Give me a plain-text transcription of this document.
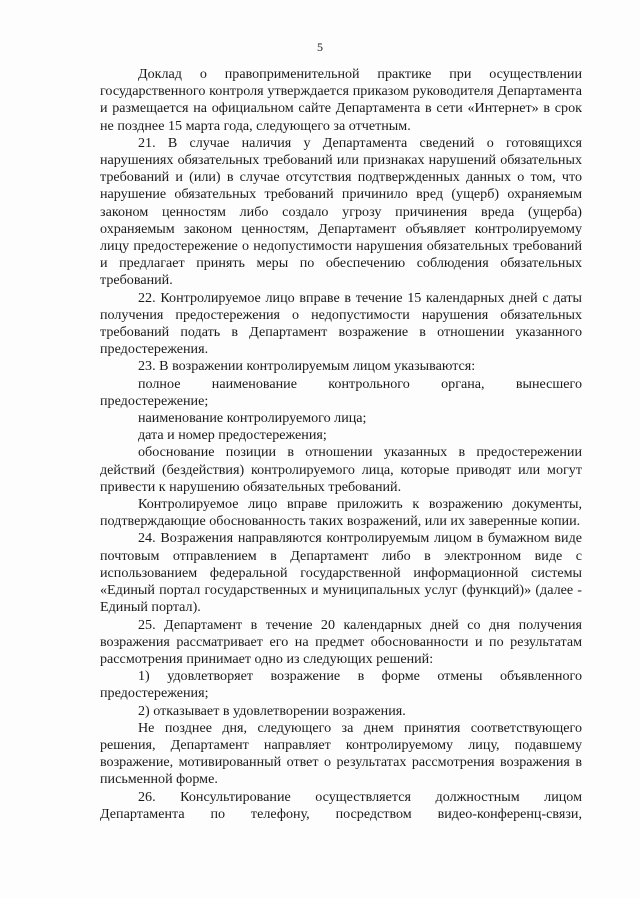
5

Доклад о правоприменительной практике при осуществлении государственного контроля утверждается приказом руководителя Департамента и размещается на официальном сайте Департамента в сети «Интернет» в срок не позднее 15 марта года, следующего за отчетным.

21. В случае наличия у Департамента сведений о готовящихся нарушениях обязательных требований или признаках нарушений обязательных требований и (или) в случае отсутствия подтвержденных данных о том, что нарушение обязательных требований причинило вред (ущерб) охраняемым законом ценностям либо создало угрозу причинения вреда (ущерба) охраняемым законом ценностям, Департамент объявляет контролируемому лицу предостережение о недопустимости нарушения обязательных требований и предлагает принять меры по обеспечению соблюдения обязательных требований.

22. Контролируемое лицо вправе в течение 15 календарных дней с даты получения предостережения о недопустимости нарушения обязательных требований подать в Департамент возражение в отношении указанного предостережения.

23. В возражении контролируемым лицом указываются:

полное наименование контрольного органа, вынесшего предостережение;

наименование контролируемого лица;

дата и номер предостережения;

обоснование позиции в отношении указанных в предостережении действий (бездействия) контролируемого лица, которые приводят или могут привести к нарушению обязательных требований.

Контролируемое лицо вправе приложить к возражению документы, подтверждающие обоснованность таких возражений, или их заверенные копии.

24. Возражения направляются контролируемым лицом в бумажном виде почтовым отправлением в Департамент либо в электронном виде с использованием федеральной государственной информационной системы «Единый портал государственных и муниципальных услуг (функций)» (далее - Единый портал).

25. Департамент в течение 20 календарных дней со дня получения возражения рассматривает его на предмет обоснованности и по результатам рассмотрения принимает одно из следующих решений:

1) удовлетворяет возражение в форме отмены объявленного предостережения;

2) отказывает в удовлетворении возражения.

Не позднее дня, следующего за днем принятия соответствующего решения, Департамент направляет контролируемому лицу, подавшему возражение, мотивированный ответ о результатах рассмотрения возражения в письменной форме.

26. Консультирование осуществляется должностным лицом Департамента по телефону, посредством видео-конференц-связи,
